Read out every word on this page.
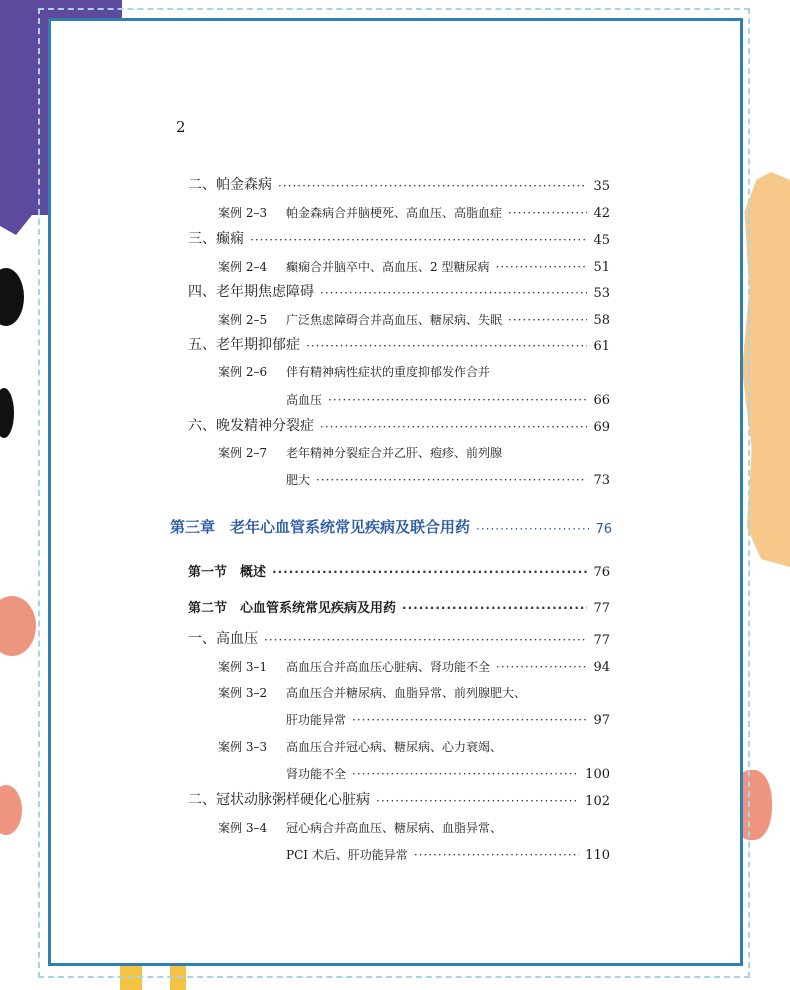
2
二、帕金森病 ·····	35
案例 2–3 帕金森病合并脑梗死、高血压、高脂血症 ·····	42
三、癫痫 ·····	45
案例 2–4 癫痫合并脑卒中、高血压、2 型糖尿病 ·····	51
四、老年期焦虑障碍 ·····	53
案例 2–5 广泛焦虑障碍合并高血压、糖尿病、失眠 ·····	58
五、老年期抑郁症 ·····	61
案例 2–6	伴有精神病性症状的重度抑郁发作合并
高血压 ·····	66
六、晚发精神分裂症 ·····	69
案例 2–7	老年精神分裂症合并乙肝、疱疹、前列腺
肥大 ·····	73
第三章　老年心血管系统常见疾病及联合用药 ·····	76
第一节　概述 ·····	76
第二节　心血管系统常见疾病及用药 ·····	77
一、高血压 ·····	77
案例 3–1 高血压合并高血压心脏病、肾功能不全 ·····	94
案例 3–2	高血压合并糖尿病、血脂异常、前列腺肥大、
肝功能异常 ·····	97
案例 3–3	高血压合并冠心病、糖尿病、心力衰竭、
肾功能不全 ·····	100
二、冠状动脉粥样硬化心脏病 ·····	102
案例 3–4	冠心病合并高血压、糖尿病、血脂异常、
PCI 术后、肝功能异常 ·····	110
